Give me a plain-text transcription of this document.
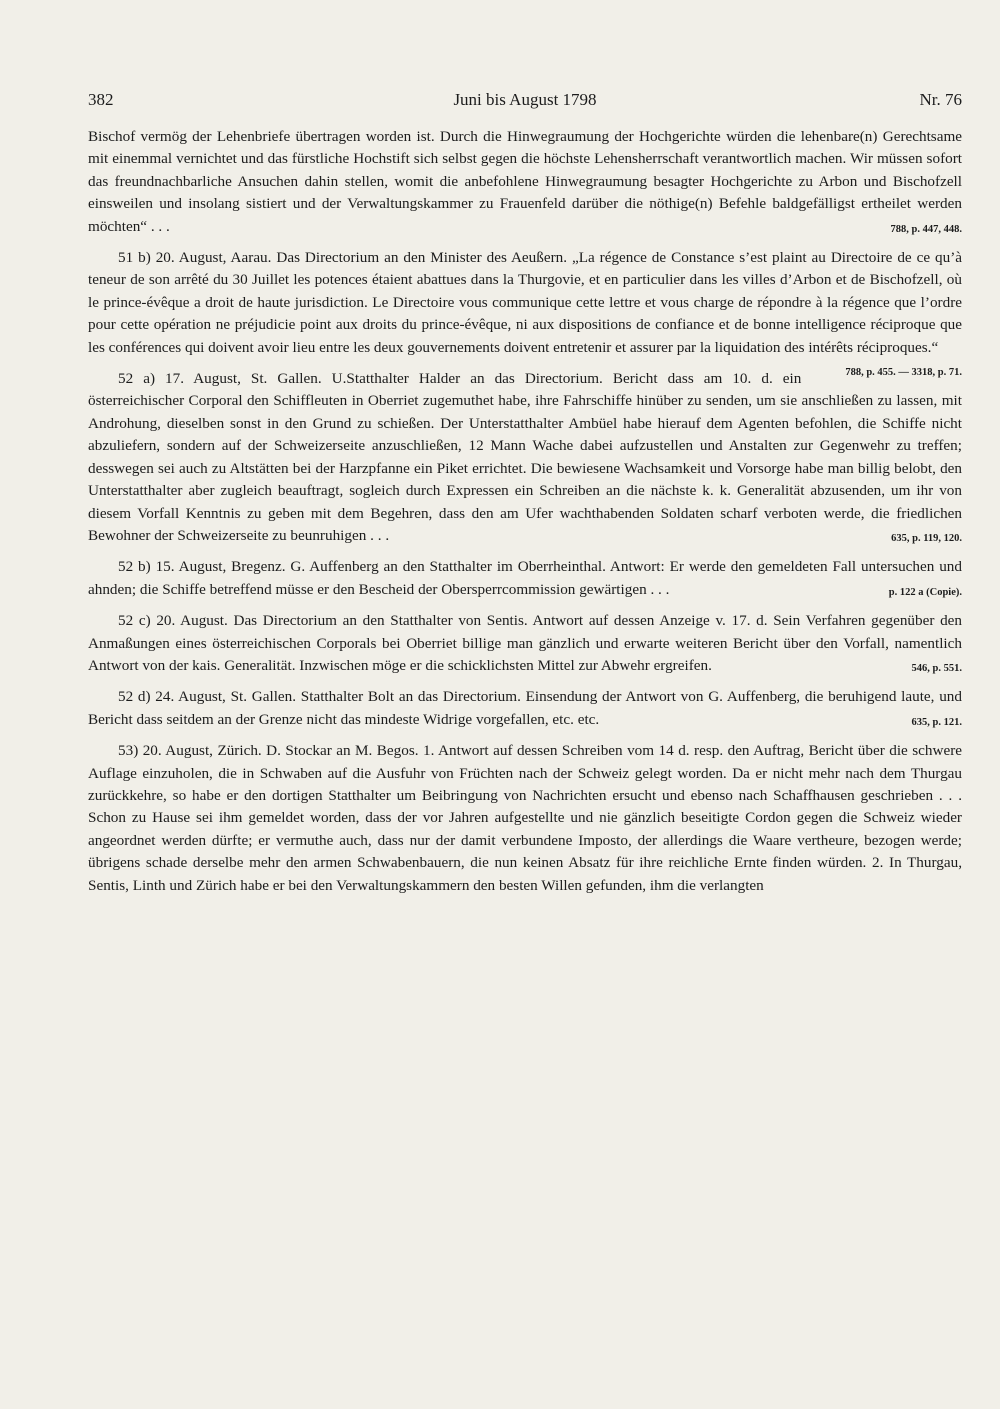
382	Juni bis August 1798	Nr. 76

Bischof vermög der Lehenbriefe übertragen worden ist. Durch die Hinwegraumung der Hochgerichte würden die lehenbare(n) Gerechtsame mit einemmal vernichtet und das fürstliche Hochstift sich selbst gegen die höchste Lehensherrschaft verantwortlich machen. Wir müssen sofort das freundnachbarliche Ansuchen dahin stellen, womit die anbefohlene Hinwegraumung besagter Hochgerichte zu Arbon und Bischofzell einsweilen und insolang sistiert und der Verwaltungskammer zu Frauenfeld darüber die nöthige(n) Befehle baldgefälligst ertheilet werden möchten“ . . .	788, p. 447, 448.

51 b) 20. August, Aarau. Das Directorium an den Minister des Aeußern. „La régence de Constance s’est plaint au Directoire de ce qu’à teneur de son arrêté du 30 Juillet les potences étaient abattues dans la Thurgovie, et en particulier dans les villes d’Arbon et de Bischofzell, où le prince-évêque a droit de haute jurisdiction. Le Directoire vous communique cette lettre et vous charge de répondre à la régence que l’ordre pour cette opération ne préjudicie point aux droits du prince-évêque, ni aux dispositions de confiance et de bonne intelligence réciproque que les conférences qui doivent avoir lieu entre les deux gouvernements doivent entretenir et assurer par la liquidation des intérêts réciproques.“
788, p. 455. — 3318, p. 71.

52 a) 17. August, St. Gallen. U.Statthalter Halder an das Directorium. Bericht dass am 10. d. ein österreichischer Corporal den Schiffleuten in Oberriet zugemuthet habe, ihre Fahrschiffe hinüber zu senden, um sie anschließen zu lassen, mit Androhung, dieselben sonst in den Grund zu schießen. Der Unterstatthalter Ambüel habe hierauf dem Agenten befohlen, die Schiffe nicht abzuliefern, sondern auf der Schweizerseite anzuschließen, 12 Mann Wache dabei aufzustellen und Anstalten zur Gegenwehr zu treffen; desswegen sei auch zu Altstätten bei der Harzpfanne ein Piket errichtet. Die bewiesene Wachsamkeit und Vorsorge habe man billig belobt, den Unterstatthalter aber zugleich beauftragt, sogleich durch Expressen ein Schreiben an die nächste k. k. Generalität abzusenden, um ihr von diesem Vorfall Kenntnis zu geben mit dem Begehren, dass den am Ufer wachthabenden Soldaten scharf verboten werde, die friedlichen Bewohner der Schweizerseite zu beunruhigen . . .	635, p. 119, 120.

52 b) 15. August, Bregenz. G. Auffenberg an den Statthalter im Oberrheinthal. Antwort: Er werde den gemeldeten Fall untersuchen und ahnden; die Schiffe betreffend müsse er den Bescheid der Obersperrcommission gewärtigen . . .	p. 122 a (Copie).

52 c) 20. August. Das Directorium an den Statthalter von Sentis. Antwort auf dessen Anzeige v. 17. d. Sein Verfahren gegenüber den Anmaßungen eines österreichischen Corporals bei Oberriet billige man gänzlich und erwarte weiteren Bericht über den Vorfall, namentlich Antwort von der kais. Generalität. Inzwischen möge er die schicklichsten Mittel zur Abwehr ergreifen.	546, p. 551.

52 d) 24. August, St. Gallen. Statthalter Bolt an das Directorium. Einsendung der Antwort von G. Auffenberg, die beruhigend laute, und Bericht dass seitdem an der Grenze nicht das mindeste Widrige vorgefallen, etc. etc.	635, p. 121.

53) 20. August, Zürich. D. Stockar an M. Begos. 1. Antwort auf dessen Schreiben vom 14 d. resp. den Auftrag, Bericht über die schwere Auflage einzuholen, die in Schwaben auf die Ausfuhr von Früchten nach der Schweiz gelegt worden. Da er nicht mehr nach dem Thurgau zurückkehre, so habe er den dortigen Statthalter um Beibringung von Nachrichten ersucht und ebenso nach Schaffhausen geschrieben . . . Schon zu Hause sei ihm gemeldet worden, dass der vor Jahren aufgestellte und nie gänzlich beseitigte Cordon gegen die Schweiz wieder angeordnet werden dürfte; er vermuthe auch, dass nur der damit verbundene Imposto, der allerdings die Waare vertheure, bezogen werde; übrigens schade derselbe mehr den armen Schwabenbauern, die nun keinen Absatz für ihre reichliche Ernte finden würden. 2. In Thurgau, Sentis, Linth und Zürich habe er bei den Verwaltungskammern den besten Willen gefunden, ihm die verlangten
